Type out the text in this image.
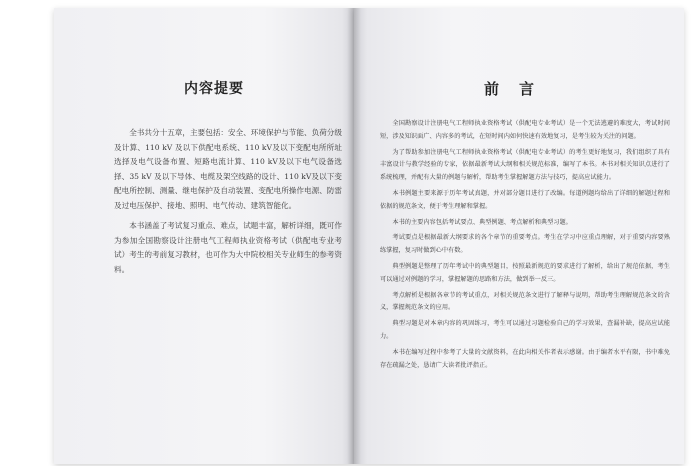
内容提要

全书共分十五章，主要包括：安全、环境保护与节能、负荷分级及计算、110 kV 及以下供配电系统、110 kV及以下变配电所所址选择及电气设备布置、短路电流计算、110 kV及以下电气设备选择、35 kV 及以下导体、电缆及架空线路的设计、110 kV及以下变配电所控制、测量、继电保护及自动装置、变配电所操作电源、防雷及过电压保护、接地、照明、电气传动、建筑智能化。

本书涵盖了考试复习重点、难点，试题丰富，解析详细，既可作为参加全国勘察设计注册电气工程师执业资格考试（供配电专业考试）考生的考前复习教材，也可作为大中院校相关专业师生的参考资料。

前言

全国勘察设计注册电气工程师执业资格考试（供配电专业考试）是一个无法逃避的难度大，考试时间短，涉及知识面广、内容多的考试，在短时间内如何快速有效地复习，是考生较为关注的问题。

为了帮助参加注册电气工程师执业资格考试（供配电专业考试）的考生更好地复习，我们组织了具有丰富设计与教学经验的专家，依据最新考试大纲和相关规范标准，编写了本书。本书对相关知识点进行了系统梳理，并配有大量的例题与解析，帮助考生掌握解题方法与技巧，提高应试能力。

本书例题主要来源于历年考试真题，并对部分题目进行了改编。每道例题均给出了详细的解题过程和依据的规范条文，便于考生理解和掌握。

本书的主要内容包括考试要点、典型例题、考点解析和典型习题。

考试要点是根据最新大纲要求的各个章节的重要考点。考生在学习中应重点理解，对于重要内容要熟练掌握，复习时做到心中有数。

典型例题是整理了历年考试中的典型题目，按照最新规范的要求进行了解析，给出了规范依据，考生可以通过对例题的学习，掌握解题的思路和方法，做到举一反三。

考点解析是根据各章节的考试重点，对相关规范条文进行了解释与说明，帮助考生理解规范条文的含义，掌握规范条文的应用。

典型习题是对本章内容的巩固练习，考生可以通过习题检验自己的学习效果，查漏补缺，提高应试能力。

本书在编写过程中参考了大量的文献资料，在此向相关作者表示感谢。由于编者水平有限，书中难免存在疏漏之处，恳请广大读者批评指正。
